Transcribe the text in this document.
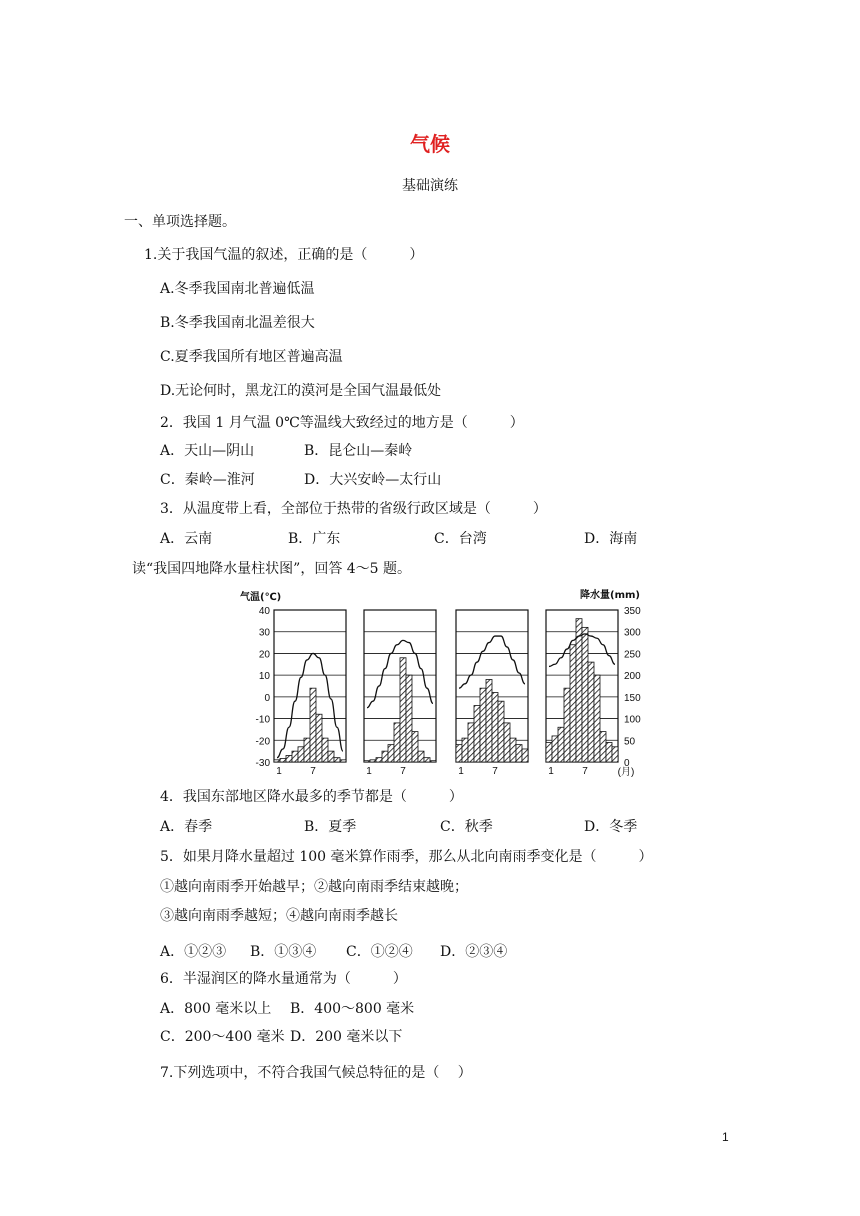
气候
基础演练
一、单项选择题。
1.关于我国气温的叙述，正确的是（　　　）
A.冬季我国南北普遍低温
B.冬季我国南北温差很大
C.夏季我国所有地区普遍高温
D.无论何时，黑龙江的漠河是全国气温最低处
2．我国 1 月气温 0℃等温线大致经过的地方是（　　　）
A．天山—阴山	B．昆仑山—秦岭
C．秦岭—淮河	D．大兴安岭—太行山
3．从温度带上看，全部位于热带的省级行政区域是（　　　）
A．云南	B．广东	C．台湾	D．海南
读“我国四地降水量柱状图”，回答 4～5 题。
气温(℃)	降水量(mm)
40
30
20
10
0
-10
-20
-30
350
300
250
200
150
100
50
0
1	7	1	7	1	7	1	7	(月)
4．我国东部地区降水最多的季节都是（　　　）
A．春季	B．夏季	C．秋季	D．冬季
5．如果月降水量超过 100 毫米算作雨季，那么从北向南雨季变化是（　　　）
①越向南雨季开始越早；②越向南雨季结束越晚；
③越向南雨季越短；④越向南雨季越长
A．①②③ B．①③④ C．①②④ D．②③④
6．半湿润区的降水量通常为（　　　）
A．800 毫米以上 B．400～800 毫米
C．200～400 毫米 D．200 毫米以下
7.下列选项中，不符合我国气候总特征的是（　 ）
1
